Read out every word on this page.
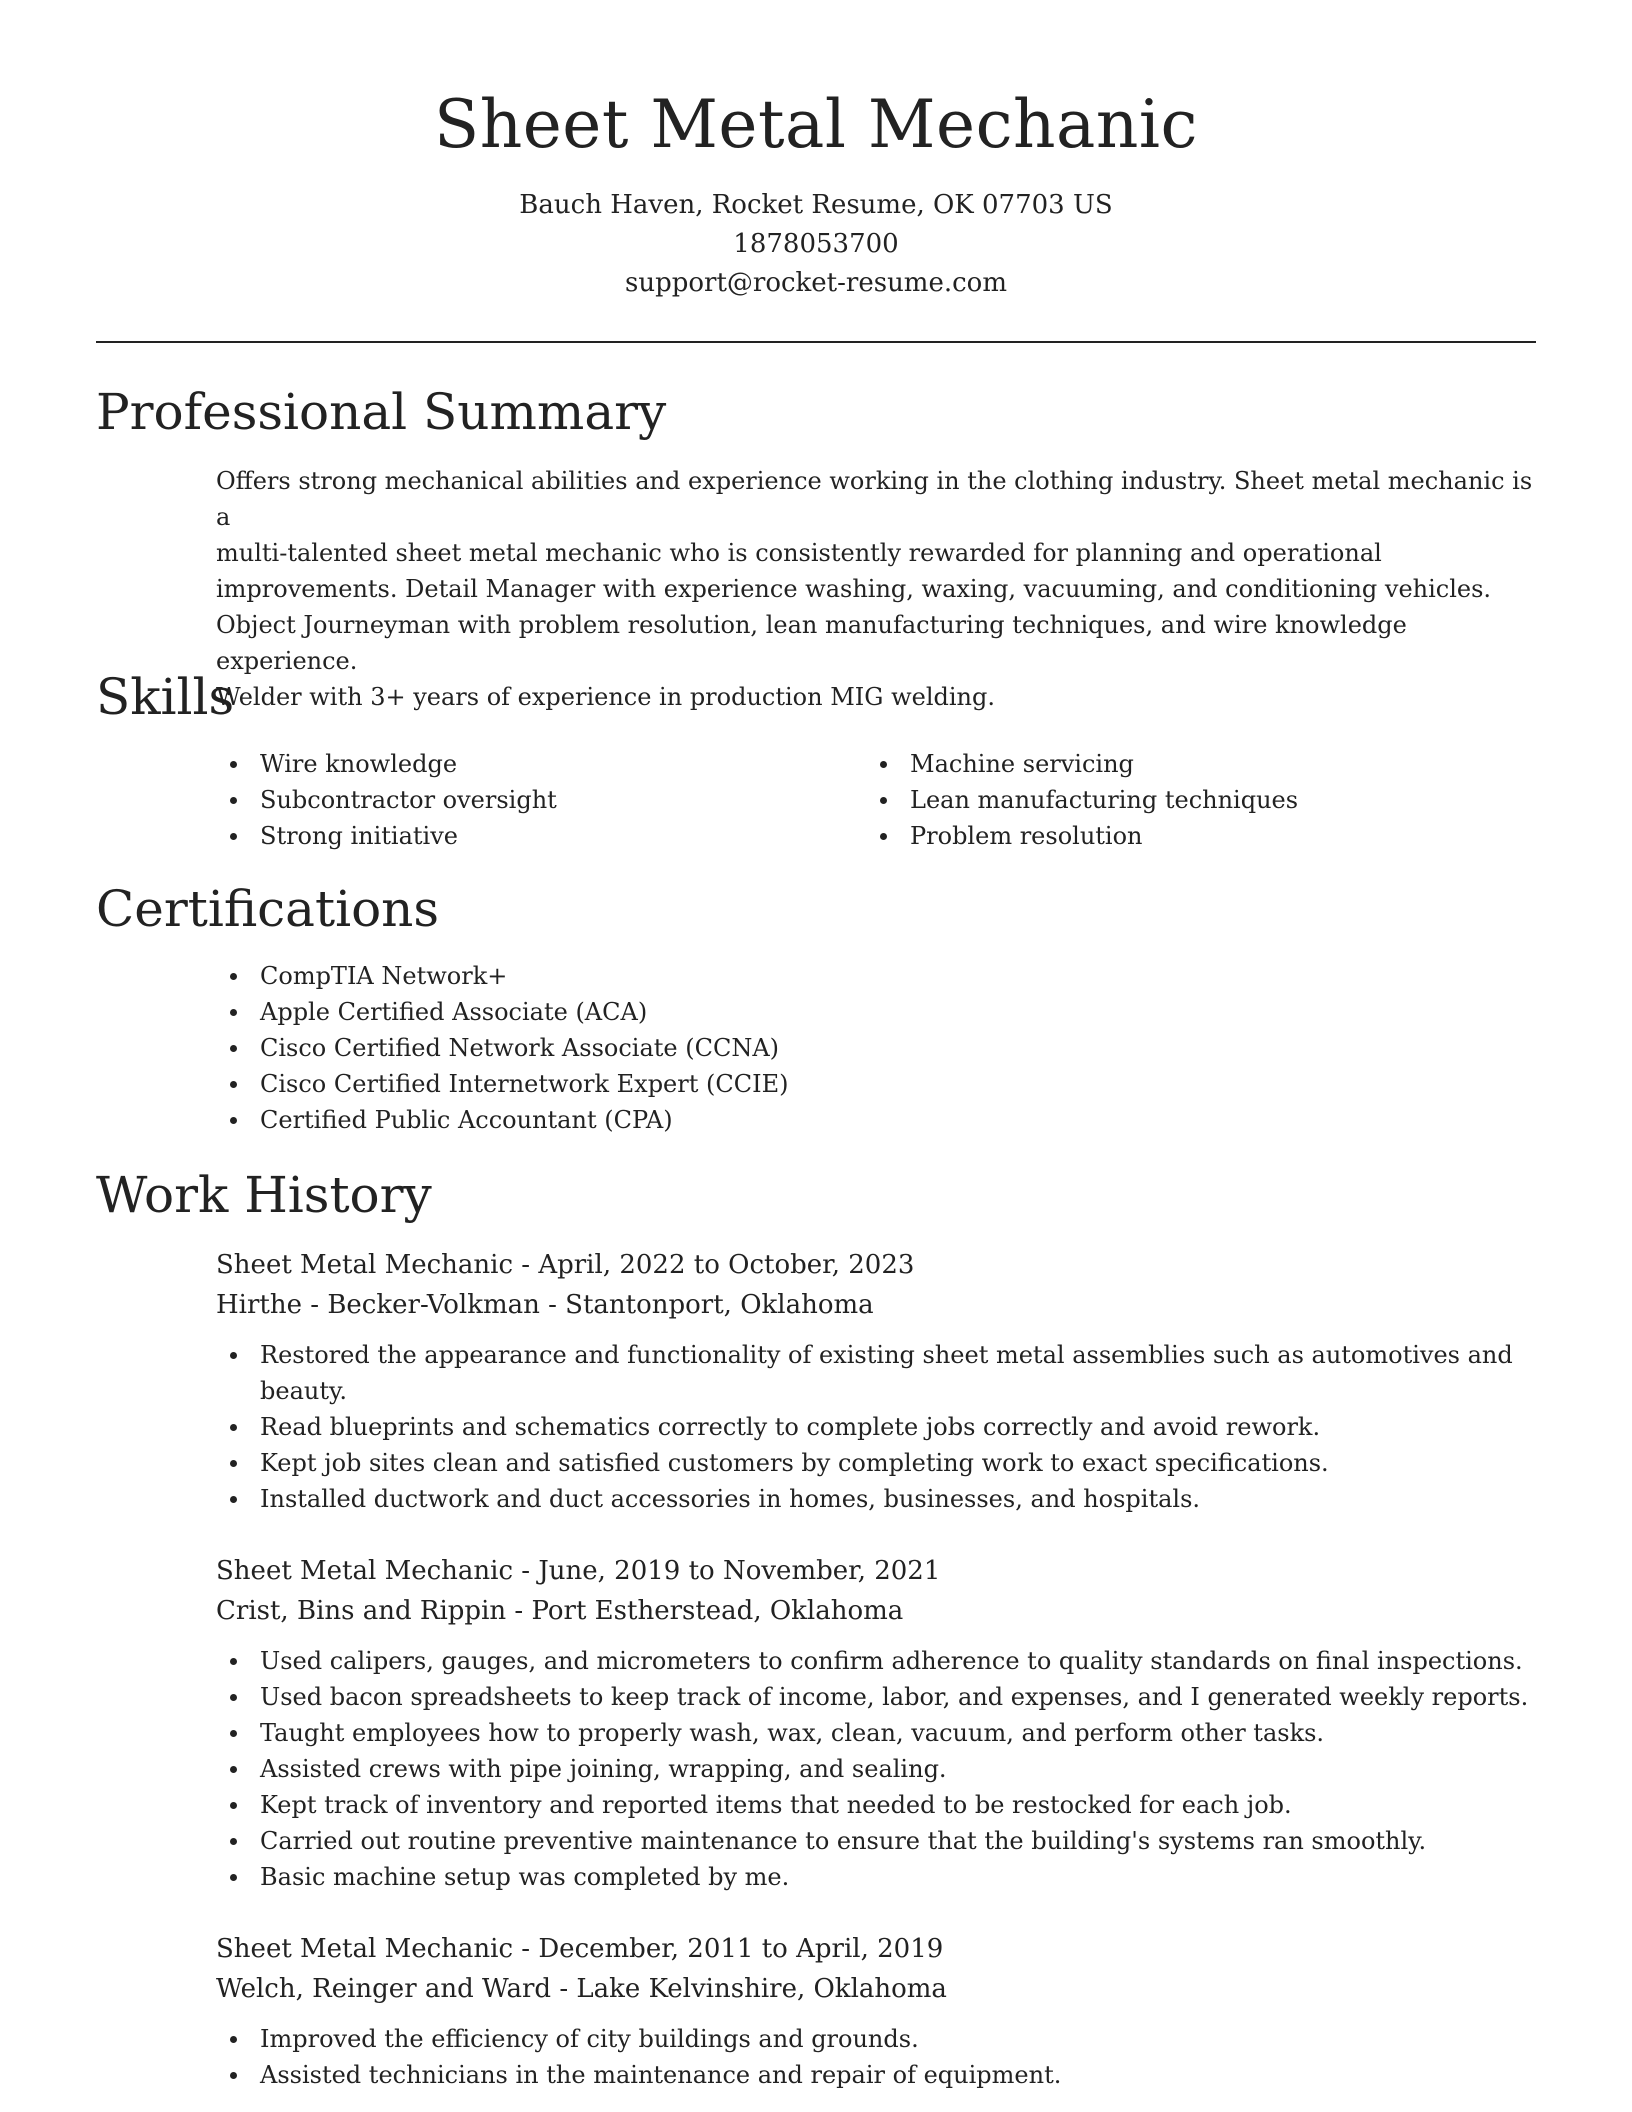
Sheet Metal Mechanic
Bauch Haven, Rocket Resume, OK 07703 US
1878053700
support@rocket-resume.com
Professional Summary
Offers strong mechanical abilities and experience working in the clothing industry. Sheet metal mechanic is a
multi-talented sheet metal mechanic who is consistently rewarded for planning and operational
improvements. Detail Manager with experience washing, waxing, vacuuming, and conditioning vehicles.
Object Journeyman with problem resolution, lean manufacturing techniques, and wire knowledge experience.
Welder with 3+ years of experience in production MIG welding.
Skills
Wire knowledge
Subcontractor oversight
Strong initiative
Machine servicing
Lean manufacturing techniques
Problem resolution
Certifications
CompTIA Network+
Apple Certified Associate (ACA)
Cisco Certified Network Associate (CCNA)
Cisco Certified Internetwork Expert (CCIE)
Certified Public Accountant (CPA)
Work History
Sheet Metal Mechanic - April, 2022 to October, 2023
Hirthe - Becker-Volkman - Stantonport, Oklahoma
Restored the appearance and functionality of existing sheet metal assemblies such as automotives and
beauty.
Read blueprints and schematics correctly to complete jobs correctly and avoid rework.
Kept job sites clean and satisfied customers by completing work to exact specifications.
Installed ductwork and duct accessories in homes, businesses, and hospitals.
Sheet Metal Mechanic - June, 2019 to November, 2021
Crist, Bins and Rippin - Port Estherstead, Oklahoma
Used calipers, gauges, and micrometers to confirm adherence to quality standards on final inspections.
Used bacon spreadsheets to keep track of income, labor, and expenses, and I generated weekly reports.
Taught employees how to properly wash, wax, clean, vacuum, and perform other tasks.
Assisted crews with pipe joining, wrapping, and sealing.
Kept track of inventory and reported items that needed to be restocked for each job.
Carried out routine preventive maintenance to ensure that the building's systems ran smoothly.
Basic machine setup was completed by me.
Sheet Metal Mechanic - December, 2011 to April, 2019
Welch, Reinger and Ward - Lake Kelvinshire, Oklahoma
Improved the efficiency of city buildings and grounds.
Assisted technicians in the maintenance and repair of equipment.
